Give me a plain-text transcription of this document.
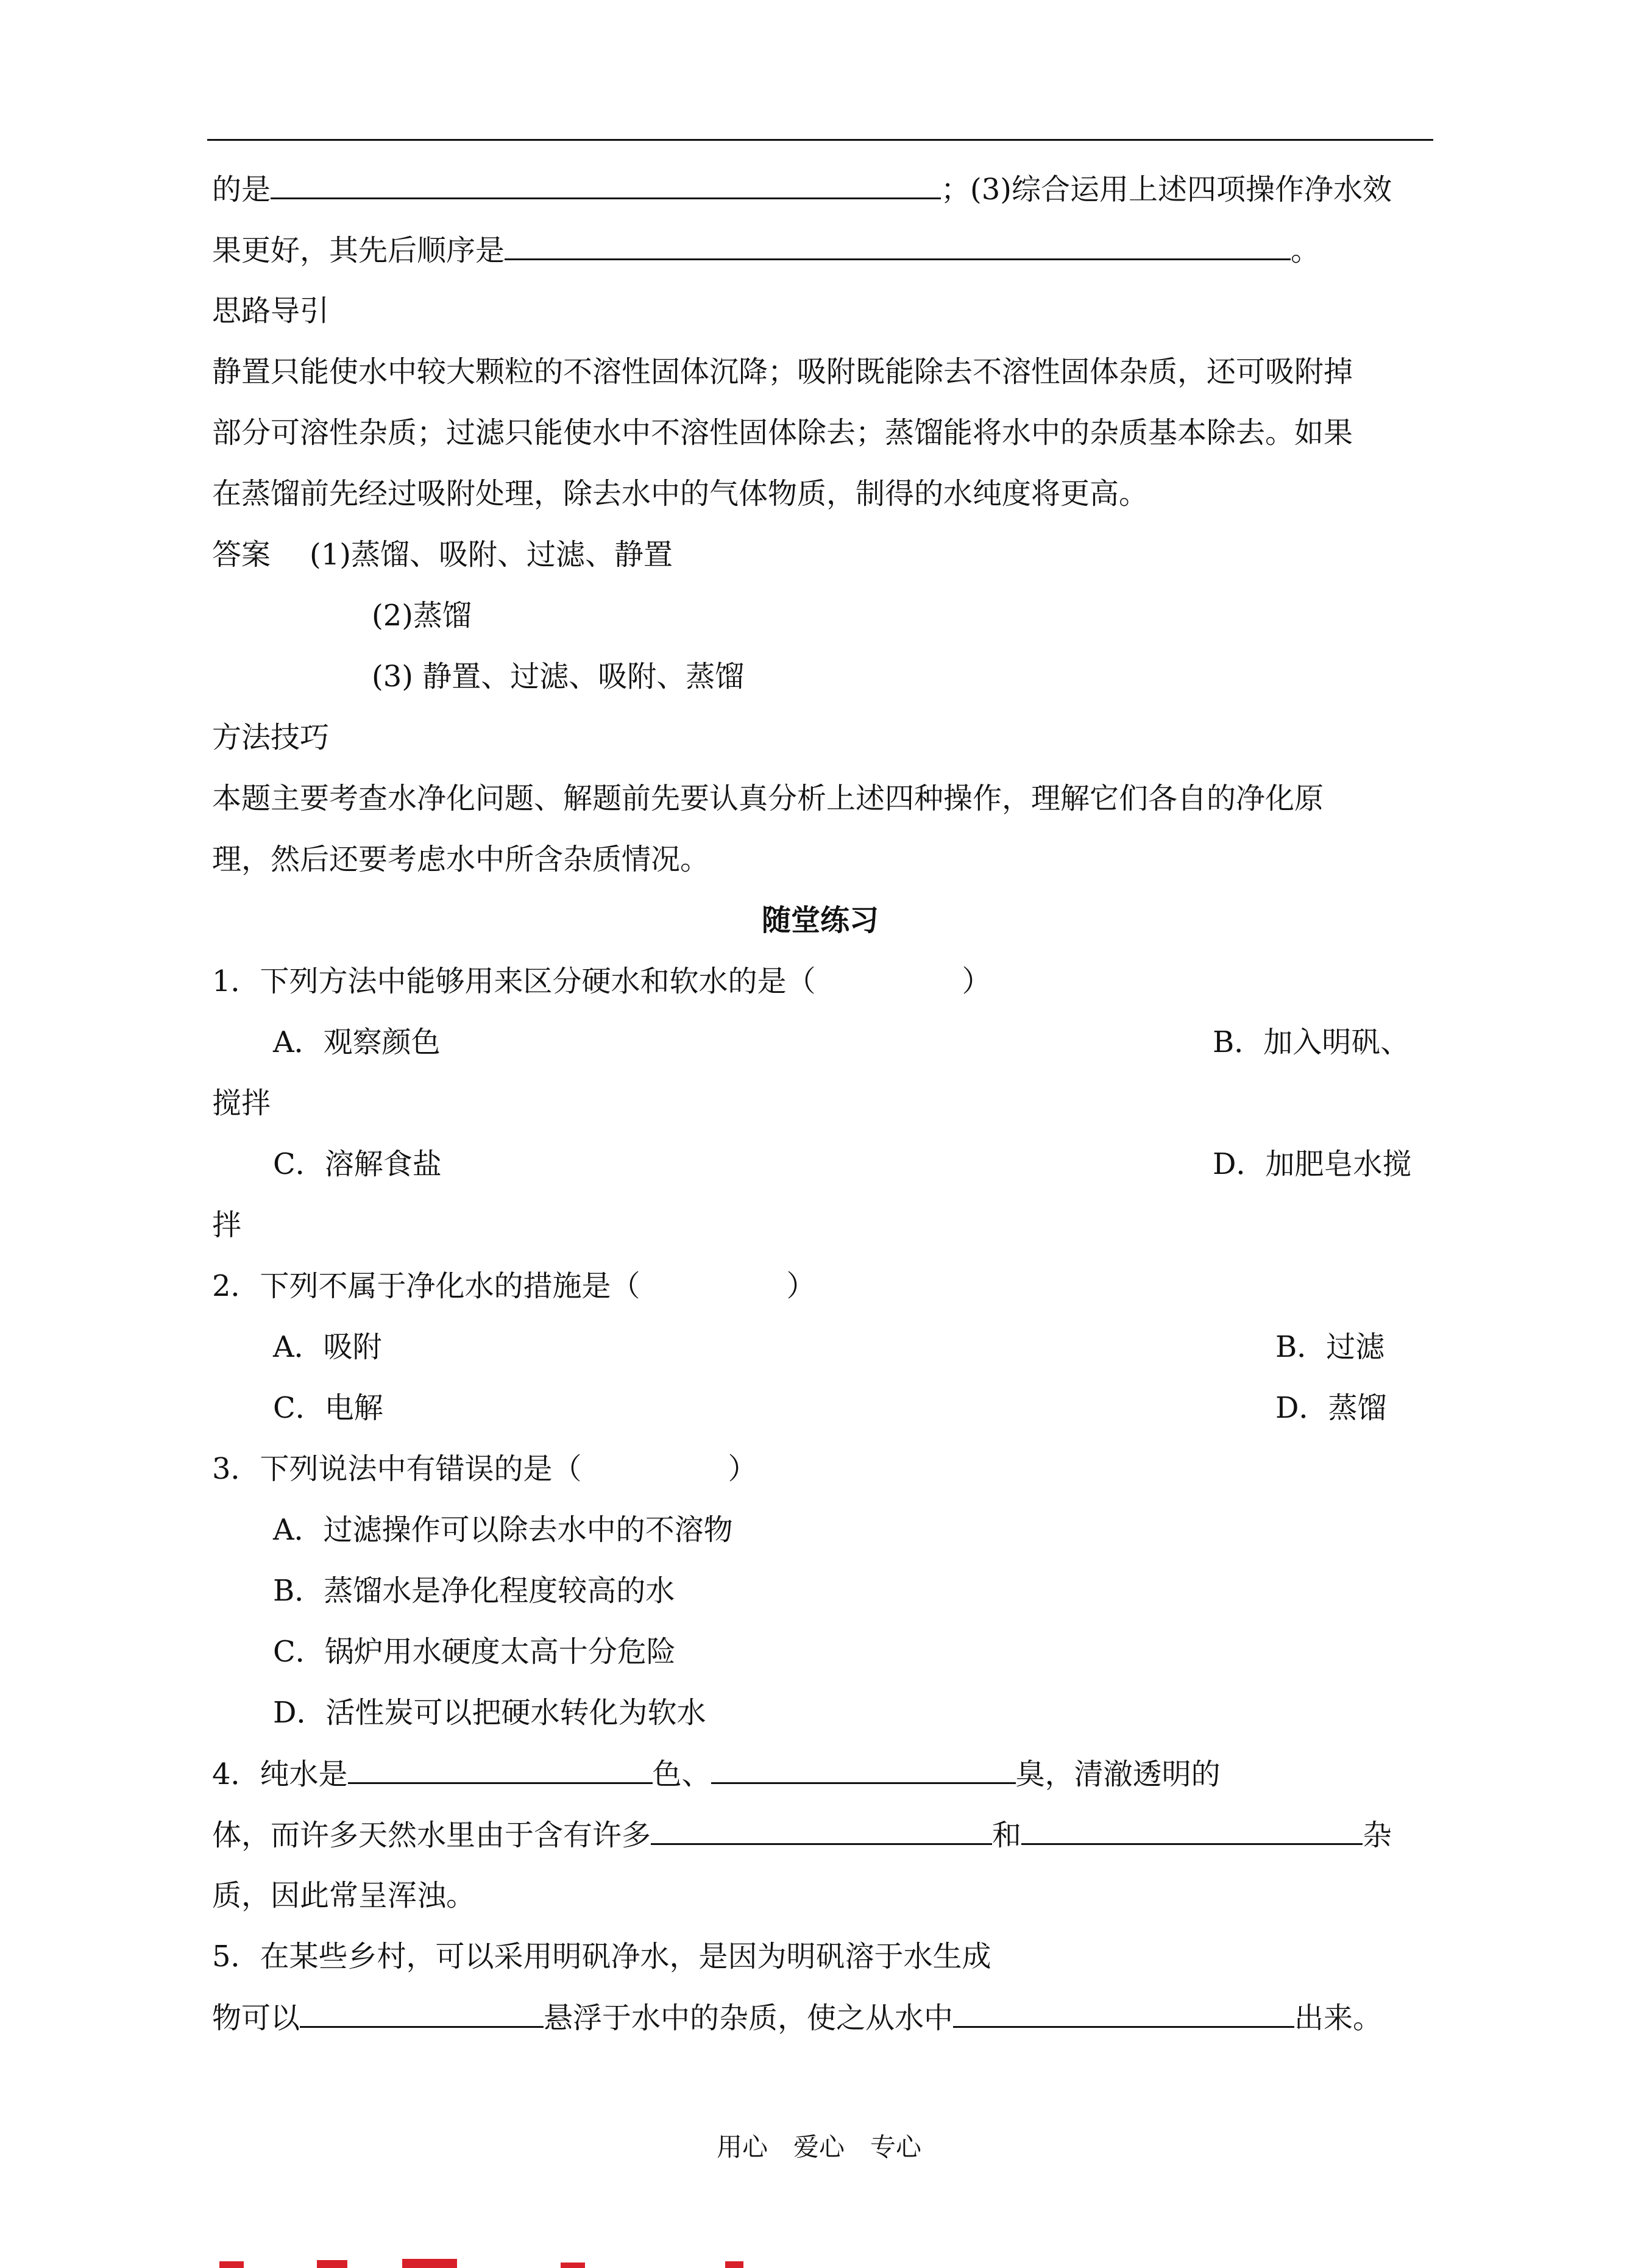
的是	；(3)综合运用上述四项操作净水效
果更好，其先后顺序是	。
思路导引
静置只能使水中较大颗粒的不溶性固体沉降；吸附既能除去不溶性固体杂质，还可吸附掉
部分可溶性杂质；过滤只能使水中不溶性固体除去；蒸馏能将水中的杂质基本除去。如果
在蒸馏前先经过吸附处理，除去水中的气体物质，制得的水纯度将更高。
答案 (1)蒸馏、吸附、过滤、静置
(2)蒸馏
(3) 静置、过滤、吸附、蒸馏
方法技巧
本题主要考查水净化问题、解题前先要认真分析上述四种操作，理解它们各自的净化原
理，然后还要考虑水中所含杂质情况。
随堂练习
1．下列方法中能够用来区分硬水和软水的是（	）
A．观察颜色	B．加入明矾、
搅拌
C．溶解食盐	D．加肥皂水搅
拌
2．下列不属于净化水的措施是（	）
A．吸附	B．过滤
C．电解	D．蒸馏
3．下列说法中有错误的是（	）
A．过滤操作可以除去水中的不溶物
B．蒸馏水是净化程度较高的水
C．锅炉用水硬度太高十分危险
D．活性炭可以把硬水转化为软水
4．纯水是	色、	臭，清澈透明的
体，而许多天然水里由于含有许多	和	杂
质，因此常呈浑浊。
5．在某些乡村，可以采用明矾净水，是因为明矾溶于水生成
物可以	悬浮于水中的杂质，使之从水中	出来。
用心　爱心　专心
